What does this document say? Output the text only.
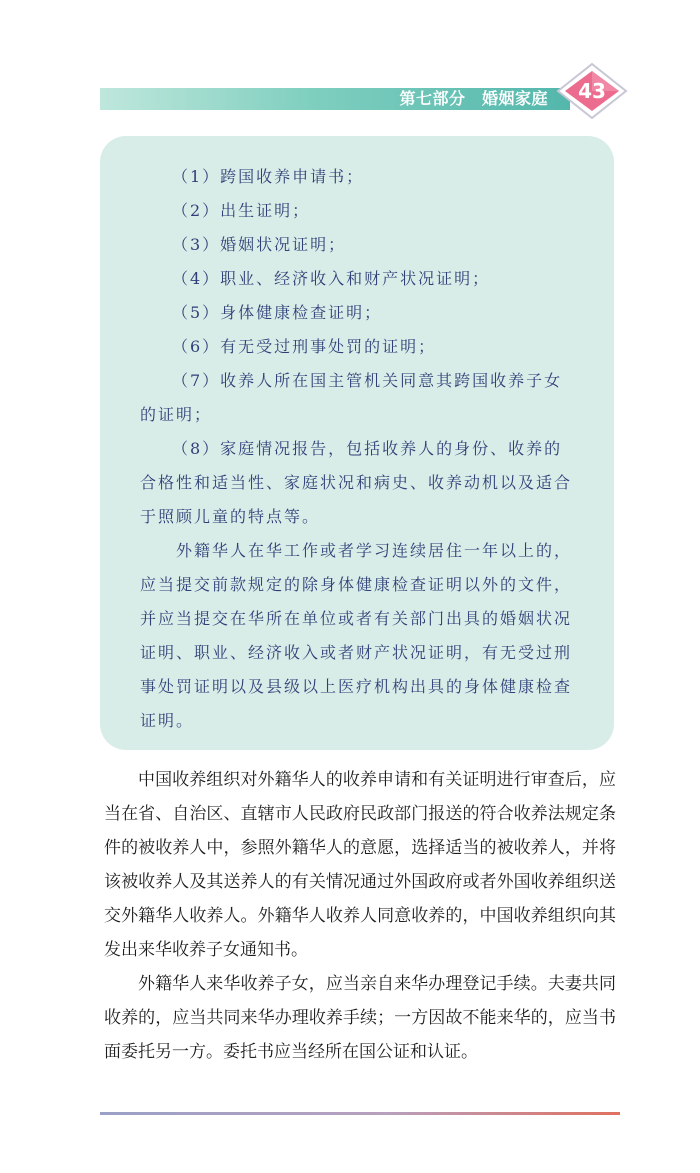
第七部分　婚姻家庭	43

（1）跨国收养申请书；

（2）出生证明；

（3）婚姻状况证明；

（4）职业、经济收入和财产状况证明；

（5）身体健康检查证明；

（6）有无受过刑事处罚的证明；

（7）收养人所在国主管机关同意其跨国收养子女的证明；

（8）家庭情况报告，包括收养人的身份、收养的合格性和适当性、家庭状况和病史、收养动机以及适合于照顾儿童的特点等。

外籍华人在华工作或者学习连续居住一年以上的，应当提交前款规定的除身体健康检查证明以外的文件，并应当提交在华所在单位或者有关部门出具的婚姻状况证明、职业、经济收入或者财产状况证明，有无受过刑事处罚证明以及县级以上医疗机构出具的身体健康检查证明。

中国收养组织对外籍华人的收养申请和有关证明进行审查后，应当在省、自治区、直辖市人民政府民政部门报送的符合收养法规定条件的被收养人中，参照外籍华人的意愿，选择适当的被收养人，并将该被收养人及其送养人的有关情况通过外国政府或者外国收养组织送交外籍华人收养人。外籍华人收养人同意收养的，中国收养组织向其发出来华收养子女通知书。

外籍华人来华收养子女，应当亲自来华办理登记手续。夫妻共同收养的，应当共同来华办理收养手续；一方因故不能来华的，应当书面委托另一方。委托书应当经所在国公证和认证。
